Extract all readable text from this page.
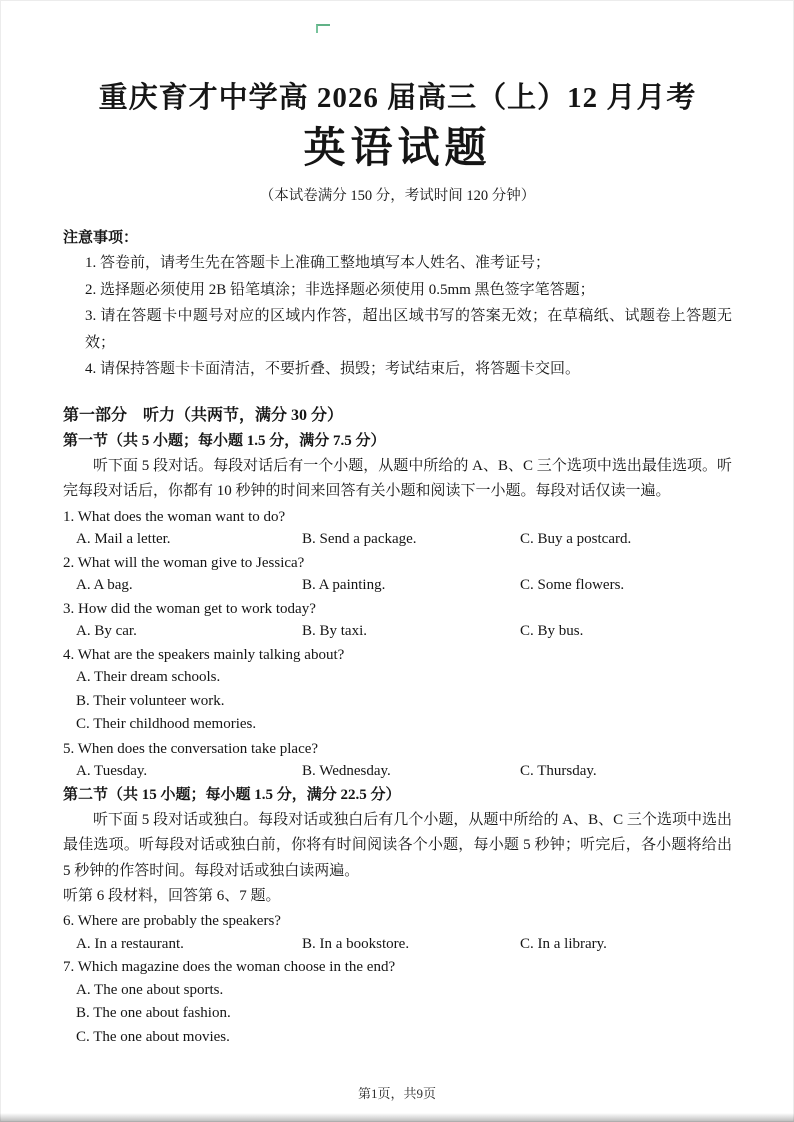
重庆育才中学高 2026 届高三（上）12 月月考
英语试题
（本试卷满分 150 分，考试时间 120 分钟）
注意事项：
1. 答卷前，请考生先在答题卡上准确工整地填写本人姓名、准考证号；
2. 选择题必须使用 2B 铅笔填涂；非选择题必须使用 0.5mm 黑色签字笔答题；
3. 请在答题卡中题号对应的区域内作答，超出区域书写的答案无效；在草稿纸、试题卷上答题无效；
4. 请保持答题卡卡面清洁，不要折叠、损毁；考试结束后，将答题卡交回。
第一部分　听力（共两节，满分 30 分）
第一节（共 5 小题；每小题 1.5 分，满分 7.5 分）

听下面 5 段对话。每段对话后有一个小题，从题中所给的 A、B、C 三个选项中选出最佳选项。听完每段对话后，你都有 10 秒钟的时间来回答有关小题和阅读下一小题。每段对话仅读一遍。

1. What does the woman want to do?
A. Mail a letter.	B. Send a package.	C. Buy a postcard.
2. What will the woman give to Jessica?
A. A bag.	B. A painting.	C. Some flowers.
3. How did the woman get to work today?
A. By car.	B. By taxi.	C. By bus.
4. What are the speakers mainly talking about?
A. Their dream schools.
B. Their volunteer work.
C. Their childhood memories.
5. When does the conversation take place?
A. Tuesday.	B. Wednesday.	C. Thursday.
第二节（共 15 小题；每小题 1.5 分，满分 22.5 分）

听下面 5 段对话或独白。每段对话或独白后有几个小题，从题中所给的 A、B、C 三个选项中选出最佳选项。听每段对话或独白前，你将有时间阅读各个小题，每小题 5 秒钟；听完后，各小题将给出 5 秒钟的作答时间。每段对话或独白读两遍。

听第 6 段材料，回答第 6、7 题。
6. Where are probably the speakers?
A. In a restaurant.	B. In a bookstore.	C. In a library.
7. Which magazine does the woman choose in the end?
A. The one about sports.
B. The one about fashion.
C. The one about movies.
第1页，共9页
